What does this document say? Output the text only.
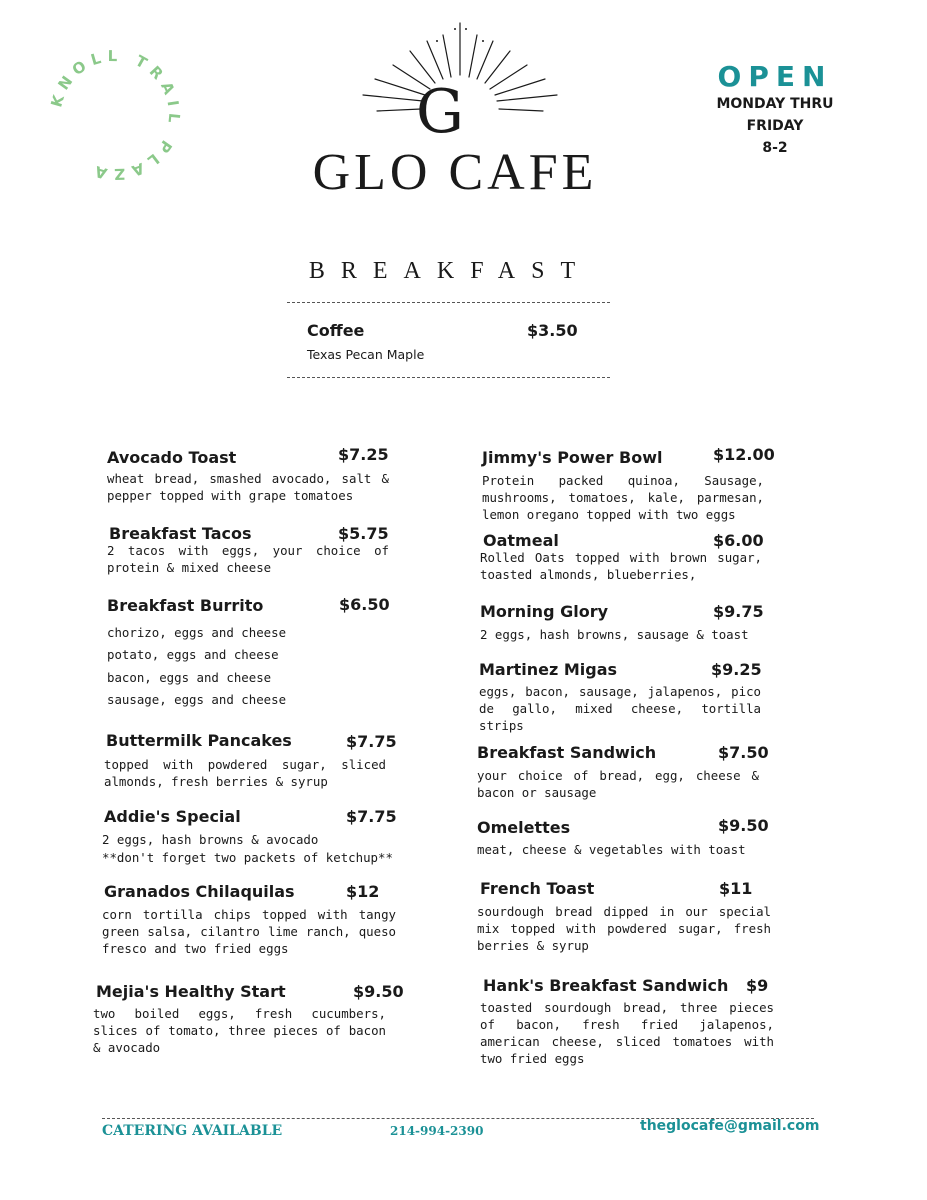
KNOLL TRAIL PLAZA
G
GLO CAFE
OPEN
MONDAY THRU
FRIDAY
8-2
BREAKFAST
Coffee	$3.50
Texas Pecan Maple
Avocado Toast	$7.25
wheat bread, smashed avocado, salt & pepper topped with grape tomatoes
Breakfast Tacos	$5.75
2 tacos with eggs, your choice of protein & mixed cheese
Breakfast Burrito	$6.50
chorizo, eggs and cheese
potato, eggs and cheese
bacon, eggs and cheese
sausage, eggs and cheese
Buttermilk Pancakes	$7.75
topped with powdered sugar, sliced almonds, fresh berries & syrup
Addie's Special	$7.75
2 eggs, hash browns & avocado
**don't forget two packets of ketchup**
Granados Chilaquilas	$12
corn tortilla chips topped with tangy green salsa, cilantro lime ranch, queso fresco and two fried eggs
Mejia's Healthy Start	$9.50
two boiled eggs, fresh cucumbers, slices of tomato, three pieces of bacon & avocado
Jimmy's Power Bowl	$12.00
Protein packed quinoa, Sausage, mushrooms, tomatoes, kale, parmesan, lemon oregano topped with two eggs
Oatmeal	$6.00
Rolled Oats topped with brown sugar, toasted almonds, blueberries,
Morning Glory	$9.75
2 eggs, hash browns, sausage & toast
Martinez Migas	$9.25
eggs, bacon, sausage, jalapenos, pico de gallo, mixed cheese, tortilla strips
Breakfast Sandwich	$7.50
your choice of bread, egg, cheese & bacon or sausage
Omelettes	$9.50
meat, cheese & vegetables with toast
French Toast	$11
sourdough bread dipped in our special mix topped with powdered sugar, fresh berries & syrup
Hank's Breakfast Sandwich $9
toasted sourdough bread, three pieces of bacon, fresh fried jalapenos, american cheese, sliced tomatoes with two fried eggs
CATERING AVAILABLE	214-994-2390	theglocafe@gmail.com
